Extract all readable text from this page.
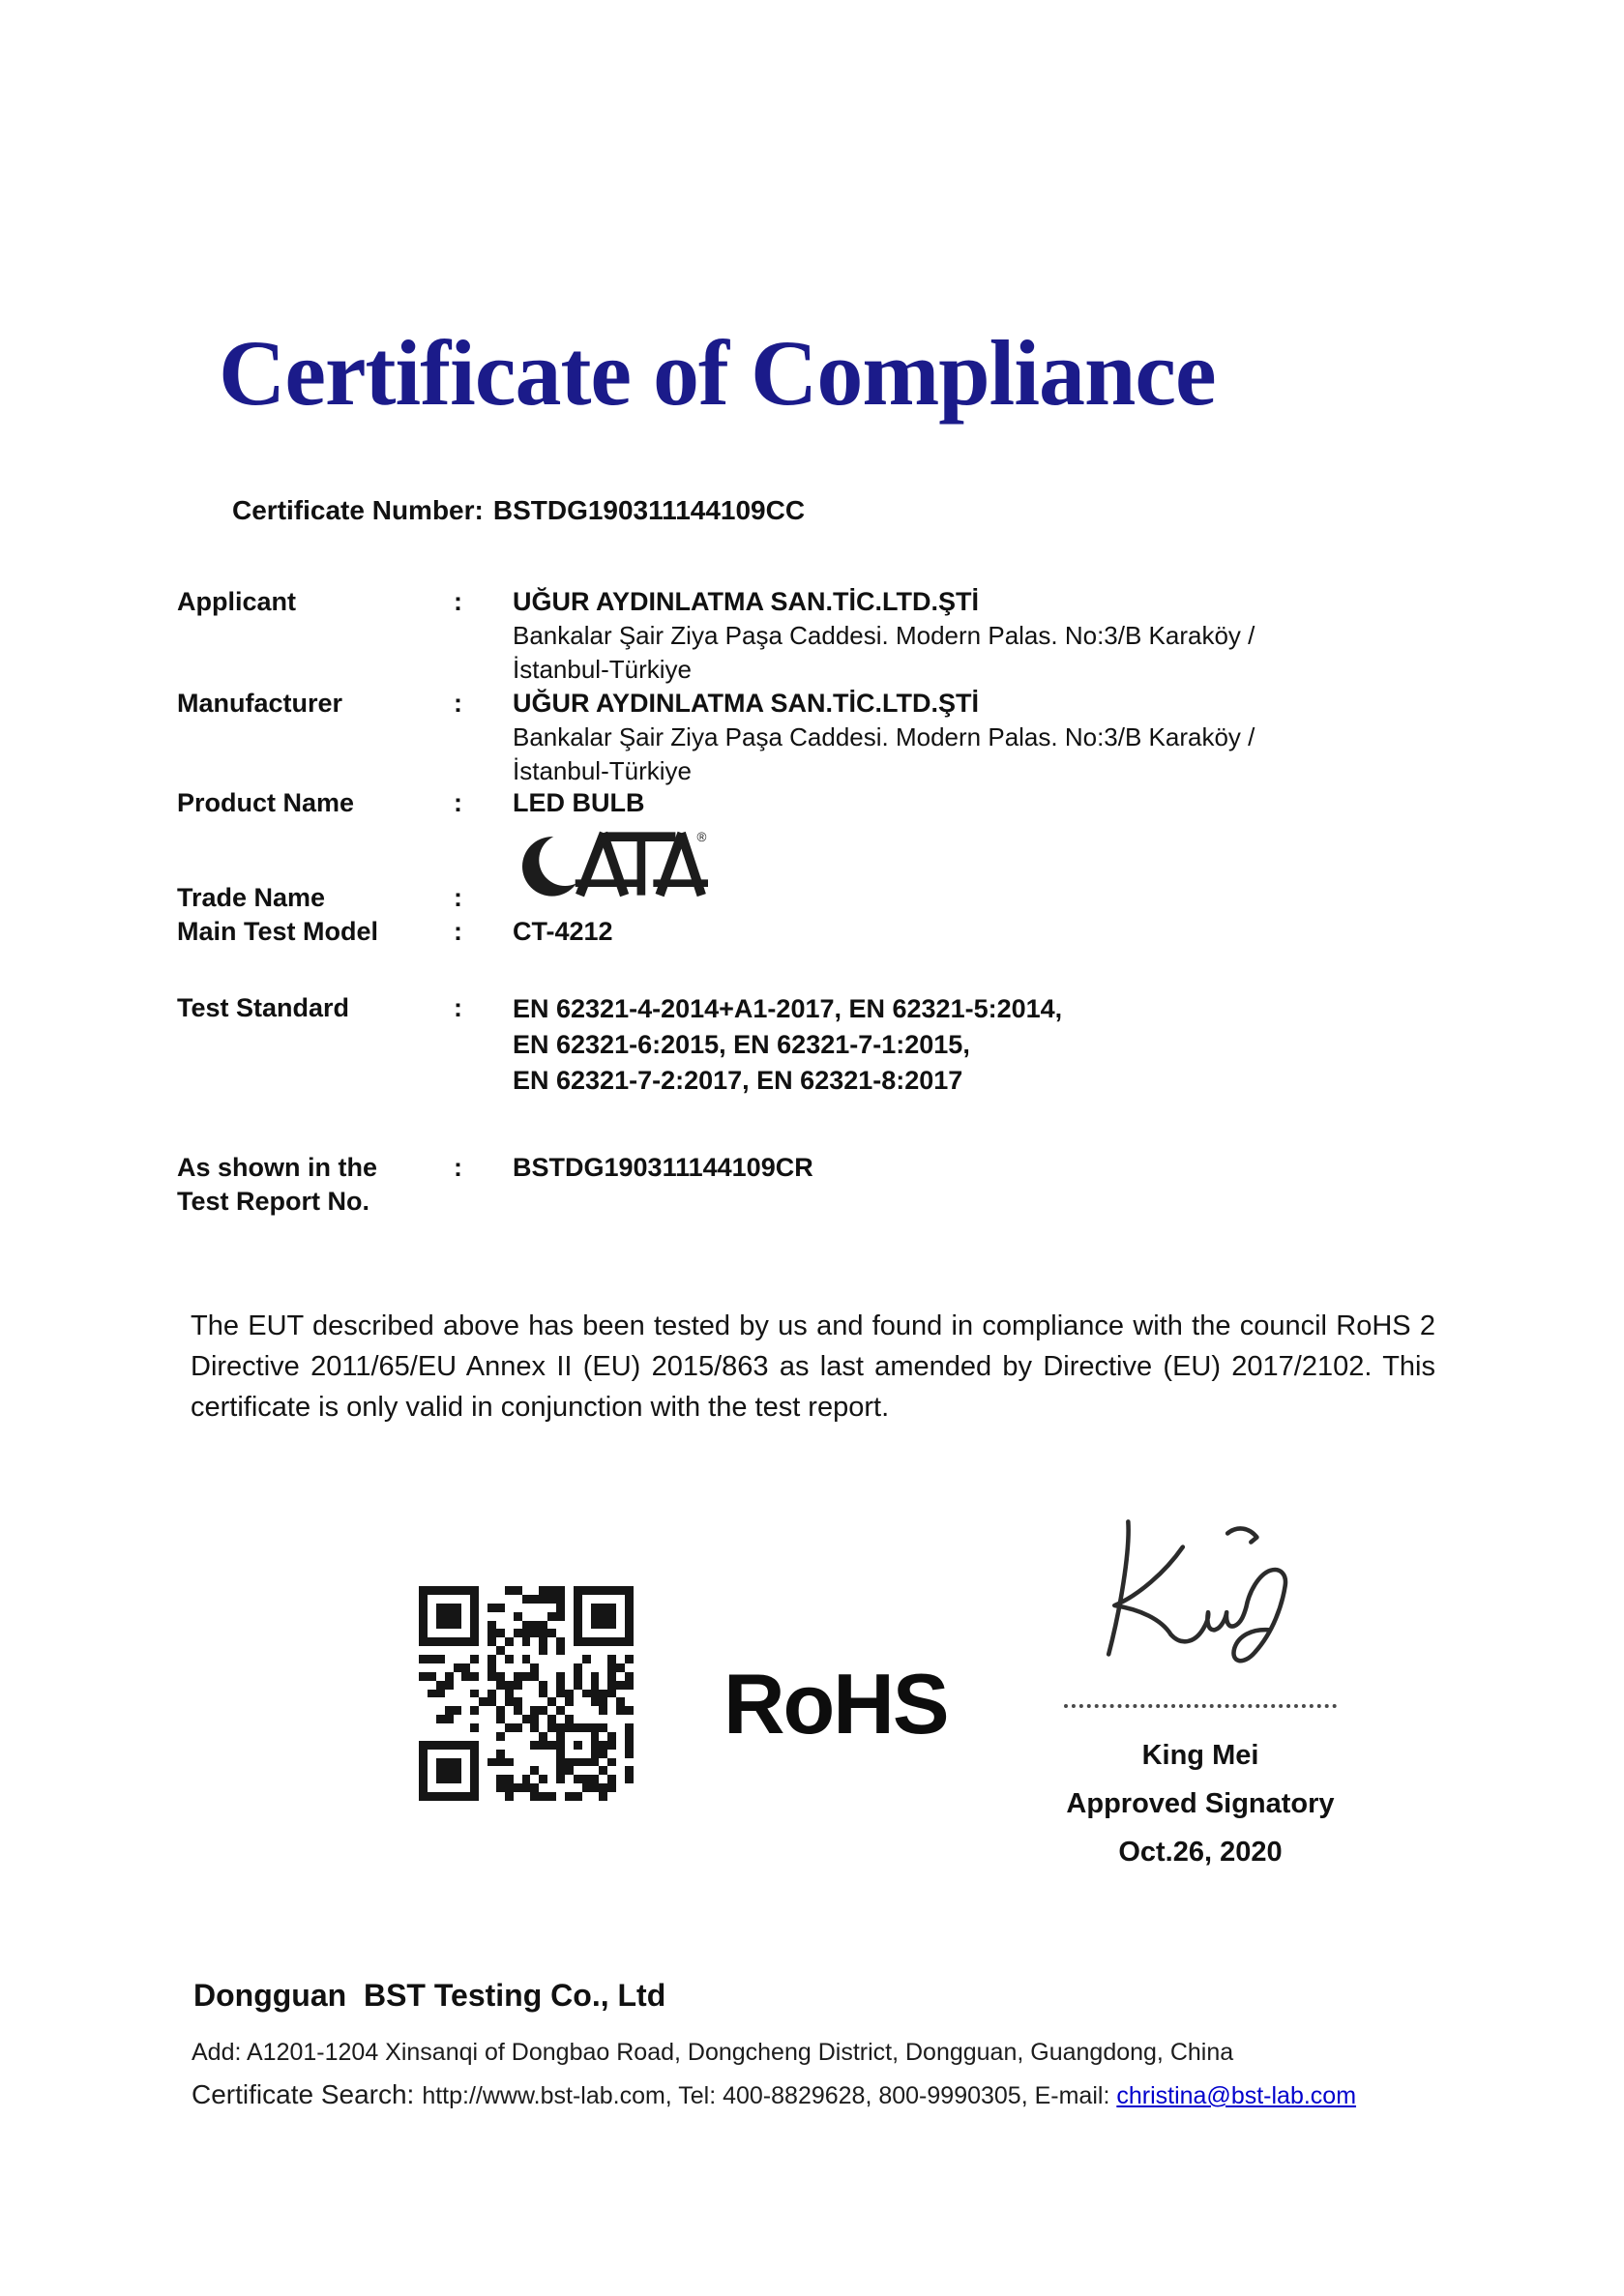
Certificate of Compliance
Certificate Number: BSTDG190311144109CC
Applicant	:	UĞUR AYDINLATMA SAN.TİC.LTD.ŞTİ
Bankalar Şair Ziya Paşa Caddesi. Modern Palas. No:3/B Karaköy /
İstanbul-Türkiye
Manufacturer	:	UĞUR AYDINLATMA SAN.TİC.LTD.ŞTİ
Bankalar Şair Ziya Paşa Caddesi. Modern Palas. No:3/B Karaköy /
İstanbul-Türkiye
Product Name	:	LED BULB
®
Trade Name	:
Main Test Model	:	CT-4212
Test Standard	:	EN 62321-4-2014+A1-2017, EN 62321-5:2014,
EN 62321-6:2015, EN 62321-7-1:2015,
EN 62321-7-2:2017, EN 62321-8:2017
As shown in the
Test Report No.
:	BSTDG190311144109CR
The EUT described above has been tested by us and found in compliance with the council RoHS 2 Directive 2011/65/EU Annex II (EU) 2015/863 as last amended by Directive (EU) 2017/2102. This certificate is only valid in conjunction with the test report.
RoHS
King Mei
Approved Signatory
Oct.26, 2020
Dongguan  BST Testing Co., Ltd
Add: A1201-1204 Xinsanqi of Dongbao Road, Dongcheng District, Dongguan, Guangdong, China
Certificate Search: http://www.bst-lab.com, Tel: 400-8829628, 800-9990305, E-mail: christina@bst-lab.com
